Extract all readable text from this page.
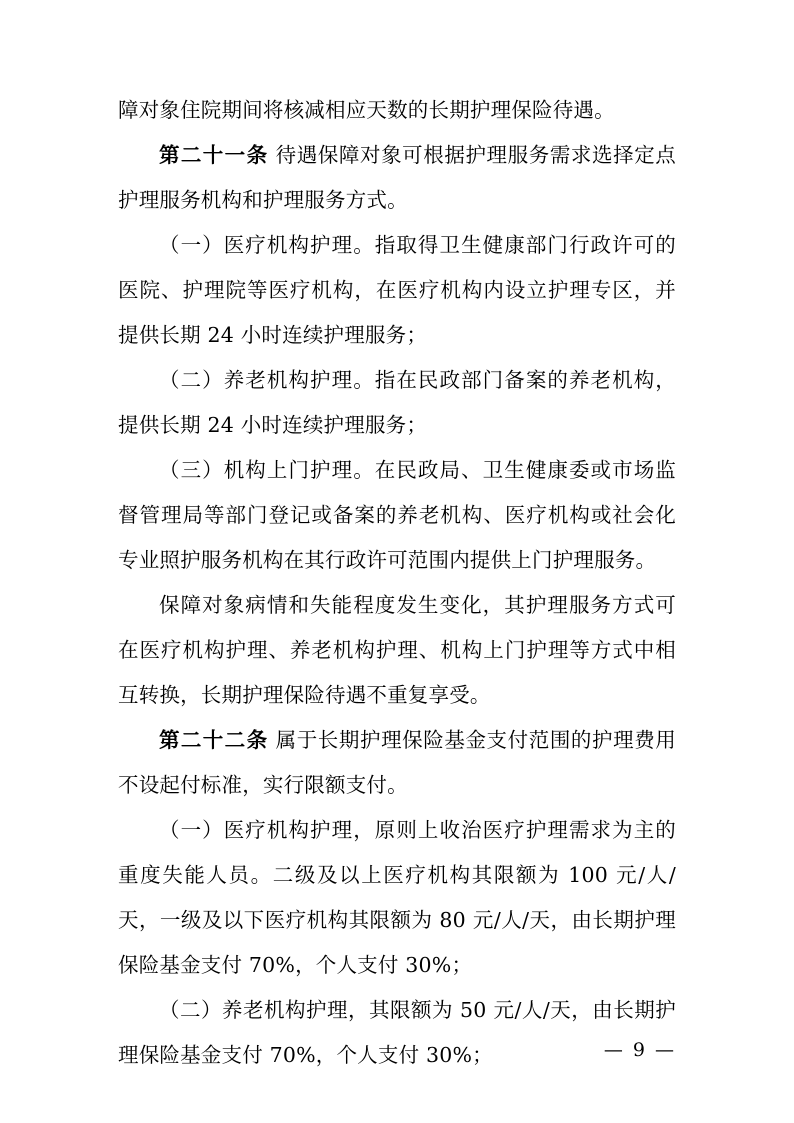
障对象住院期间将核减相应天数的长期护理保险待遇。

第二十一条 待遇保障对象可根据护理服务需求选择定点护理服务机构和护理服务方式。

（一）医疗机构护理。指取得卫生健康部门行政许可的医院、护理院等医疗机构，在医疗机构内设立护理专区，并提供长期 24 小时连续护理服务；

（二）养老机构护理。指在民政部门备案的养老机构，提供长期 24 小时连续护理服务；

（三）机构上门护理。在民政局、卫生健康委或市场监督管理局等部门登记或备案的养老机构、医疗机构或社会化专业照护服务机构在其行政许可范围内提供上门护理服务。

保障对象病情和失能程度发生变化，其护理服务方式可在医疗机构护理、养老机构护理、机构上门护理等方式中相互转换，长期护理保险待遇不重复享受。

第二十二条 属于长期护理保险基金支付范围的护理费用不设起付标准，实行限额支付。

（一）医疗机构护理，原则上收治医疗护理需求为主的重度失能人员。二级及以上医疗机构其限额为 100 元/人/天，一级及以下医疗机构其限额为 80 元/人/天，由长期护理保险基金支付 70%，个人支付 30%；

（二）养老机构护理，其限额为 50 元/人/天，由长期护理保险基金支付 70%，个人支付 30%；	— 9 —
